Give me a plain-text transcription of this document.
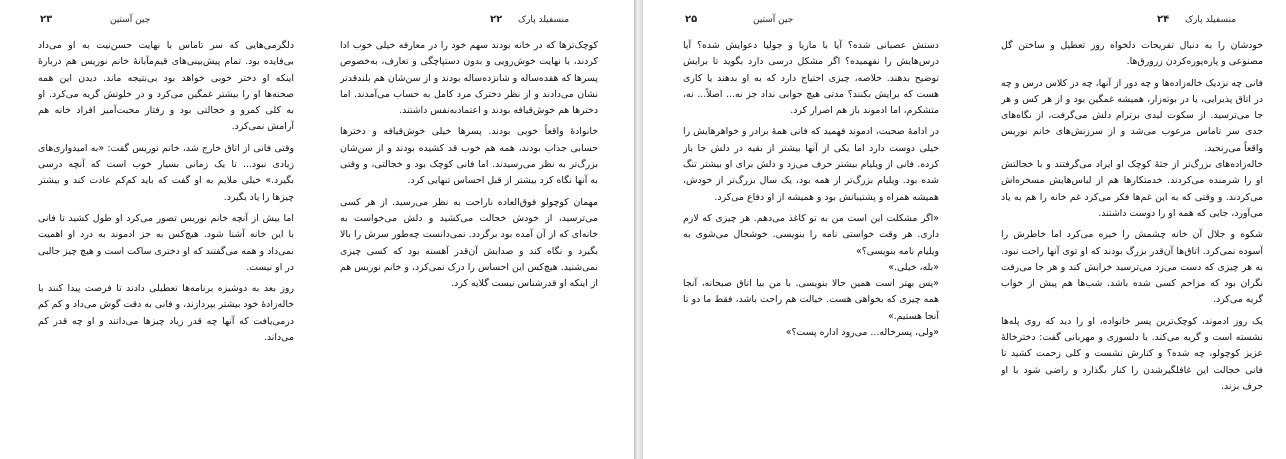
۲۳	جین آستین	منسفیلد پارک  ۲۲

دلگرمی‌هایی که سر تاماس با نهایت حسن‌نیت به او می‌داد بی‌فایده بود. تمام پیش‌بینی‌های قیم‌مآبانهٔ خانم نوریس هم دربارهٔ اینکه او دختر خوبی خواهد بود بی‌نتیجه ماند. دیدن این همه صحنه‌ها او را بیشتر غمگین می‌کرد و در خلوتش گریه می‌کرد. او به کلی کمرو و خجالتی بود و رفتار محبت‌آمیز افراد خانه هم آرامش نمی‌کرد.

وقتی فانی از اتاق خارج شد، خانم نوریس گفت: «به امیدواری‌های زیادی نبود... تا یک زمانی بسیار خوب است که آنچه درسی بگیرد.» خیلی ملایم به او گفت که باید کم‌کم عادت کند و بیشتر چیزها را یاد بگیرد.

اما بیش از آنچه خانم نوریس تصور می‌کرد او طول کشید تا فانی با این خانه آشنا شود. هیچ‌کس به جز ادموند به درد او اهمیت نمی‌داد و همه می‌گفتند که او دختری ساکت است و هیچ چیز جالبی در او نیست.

روز بعد به دوشیزه برنامه‌ها تعطیلی دادند تا فرصت پیدا کنند با خاله‌زادهٔ خود بیشتر بپردازند، و فانی به دقت گوش می‌داد و کم کم درمی‌یافت که آنها چه قدر زیاد چیزها می‌دانند و او چه قدر کم می‌داند.

کوچک‌ترها که در خانه بودند سهم خود را در معارفه خیلی خوب ادا کردند، با نهایت خوش‌رویی و بدون دستپاچگی و تعارف، به‌خصوص پسرها که هفده‌ساله و شانزده‌ساله بودند و از سن‌شان هم بلندقدتر نشان می‌دادند و از نظر دخترک مرد کامل به حساب می‌آمدند. اما دخترها هم خوش‌قیافه بودند و اعتمادبه‌نفس داشتند.

خانوادهٔ واقعاً خوبی بودند. پسرها خیلی خوش‌قیافه و دخترها حسابی جذاب بودند، همه هم خوب قد کشیده بودند و از سن‌شان بزرگ‌تر به نظر می‌رسیدند. اما فانی کوچک بود و خجالتی، و وقتی به آنها نگاه کرد بیشتر از قبل احساس تنهایی کرد.

مهمان کوچولو فوق‌العاده ناراحت به نظر می‌رسید. از هر کسی می‌ترسید، از خودش خجالت می‌کشید و دلش می‌خواست به خانه‌ای که از آن آمده بود برگردد. نمی‌دانست چه‌طور سرش را بالا بگیرد و نگاه کند و صدایش آن‌قدر آهسته بود که کسی چیزی نمی‌شنید. هیچ‌کس این احساس را درک نمی‌کرد، و خانم نوریس هم از اینکه او قدرشناس نیست گلایه کرد.

۲۵	جین آستین	منسفیلد پارک  ۲۴

دستش عصبانی شده؟ آیا با ماریا و جولیا دعوایش شده؟ آیا درس‌هایش را نفهمیده؟ اگر مشکل درسی دارد بگوید تا برایش توضیح بدهند. خلاصه، چیزی احتیاج دارد که به او بدهند یا کاری هست که برایش بکنند؟ مدتی هیچ جوابی نداد جز نه... اصلاً... نه، متشکرم، اما ادموند باز هم اصرار کرد.

در ادامهٔ صحبت، ادموند فهمید که فانی همهٔ برادر و خواهرهایش را خیلی دوست دارد اما یکی از آنها بیشتر از بقیه در دلش جا باز کرده. فانی از ویلیام بیشتر حرف می‌زد و دلش برای او بیشتر تنگ شده بود. ویلیام بزرگ‌تر از همه بود، یک سال بزرگ‌تر از خودش، همیشه همراه و پشتیبانش بود و همیشه از او دفاع می‌کرد.

«اگر مشکلت این است من به تو کاغذ می‌دهم. هر چیزی که لازم داری. هر وقت خواستی نامه را بنویسی. خوشحال می‌شوی به ویلیام نامه بنویسی؟»

«بله، خیلی.»

«پس بهتر است همین حالا بنویسی. با من بیا اتاق صبحانه، آنجا همه چیزی که بخواهی هست. خیالت هم راحت باشد، فقط ما دو تا آنجا هستیم.»

«ولی، پسرخاله... می‌رود اداره پست؟»

خودشان را به دنبال تفریحات دلخواه روز تعطیل و ساختن گل مصنوعی و پاره‌پوره‌کردن زرورق‌ها.

فانی چه نزدیک خاله‌زاده‌ها و چه دور از آنها، چه در کلاس درس و چه در اتاق پذیرایی، یا در بوته‌زار، همیشه غمگین بود و از هر کس و هر جا می‌ترسید. از سکوت لیدی برترام دلش می‌گرفت، از نگاه‌های جدی سر تاماس مرعوب می‌شد و از سرزنش‌های خانم نوریس واقعاً می‌رنجید.

خاله‌زاده‌های بزرگ‌تر از جثهٔ کوچک او ایراد می‌گرفتند و با خجالتش او را شرمنده می‌کردند. خدمتکارها هم از لباس‌هایش مسخره‌اش می‌کردند. و وقتی که به این غم‌ها فکر می‌کرد غم خانه را هم به یاد می‌آورد، جایی که همه او را دوست داشتند.

شکوه و جلال آن خانه چشمش را خیره می‌کرد اما خاطرش را آسوده نمی‌کرد. اتاق‌ها آن‌قدر بزرگ بودند که او توی آنها راحت نبود. به هر چیزی که دست می‌زد می‌ترسید خرابش کند و هر جا می‌رفت نگران بود که مزاحم کسی شده باشد. شب‌ها هم پیش از خواب گریه می‌کرد.

یک روز ادموند، کوچک‌ترین پسر خانواده، او را دید که روی پله‌ها نشسته است و گریه می‌کند. با دلسوزی و مهربانی گفت: دخترخالهٔ عزیز کوچولو، چه شده؟ و کنارش نشست و کلی زحمت کشید تا فانی خجالت این غافلگیرشدن را کنار بگذارد و راضی شود با او حرف بزند.
